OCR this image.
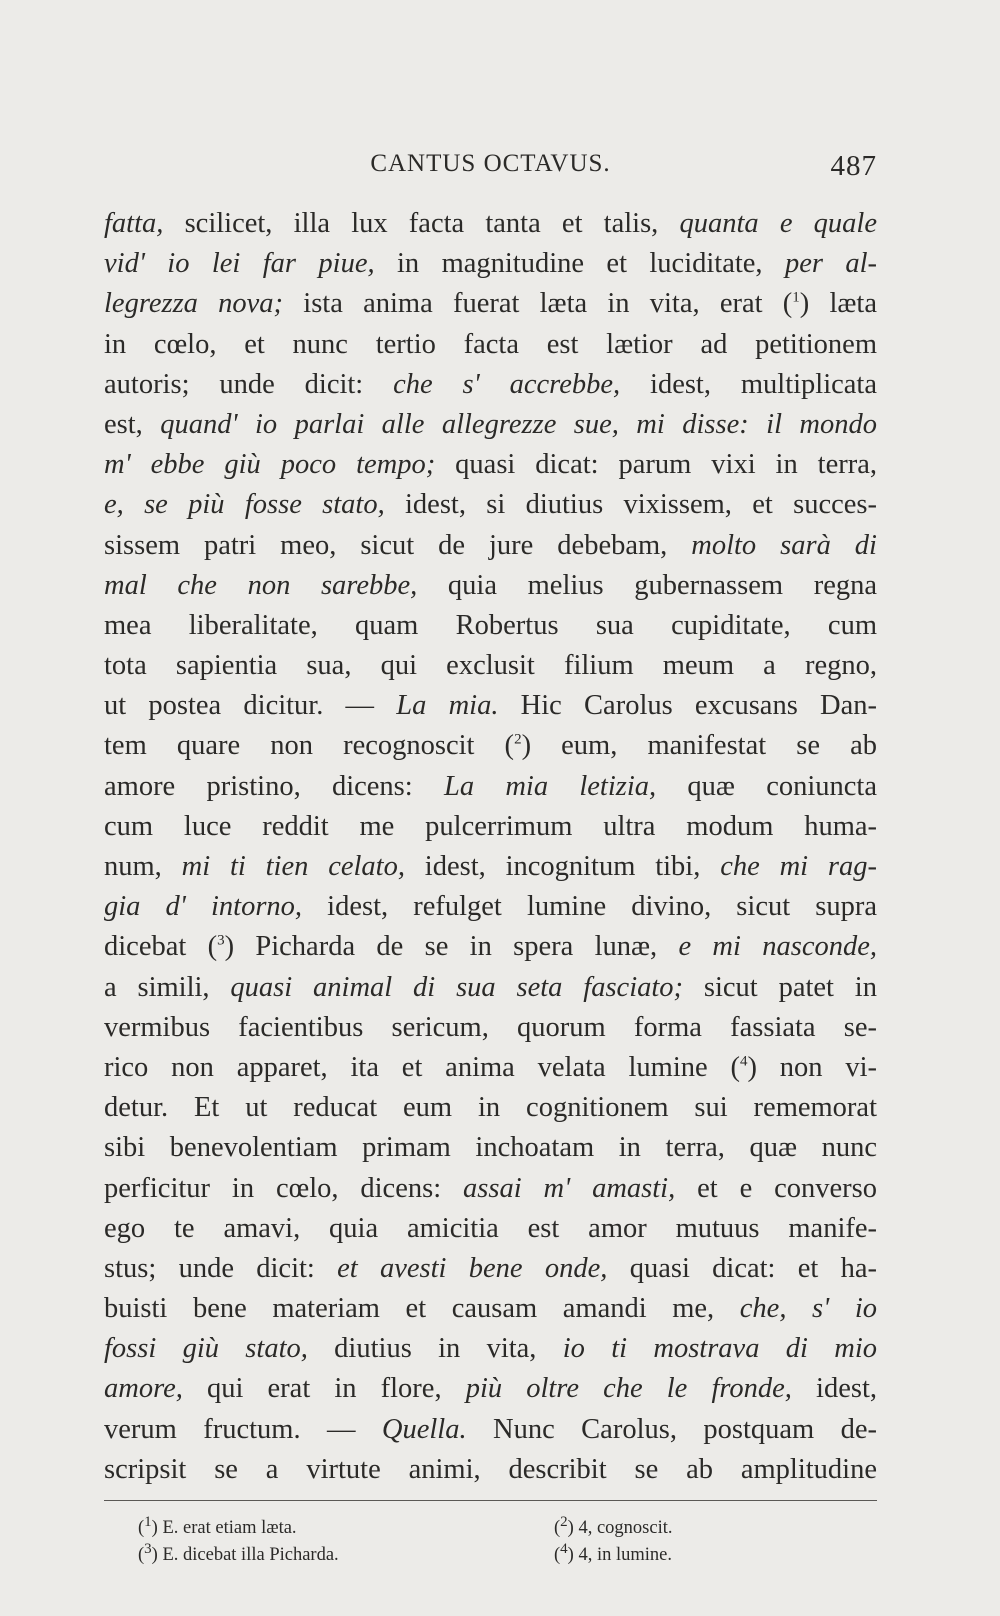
CANTUS OCTAVUS.	487
fatta, scilicet, illa lux facta tanta et talis, quanta e quale
vid' io lei far piue, in magnitudine et luciditate, per al-
legrezza nova; ista anima fuerat læta in vita, erat ($^1$) læta
in cœlo, et nunc tertio facta est lætior ad petitionem
autoris; unde dicit: che s' accrebbe, idest, multiplicata
est, quand' io parlai alle allegrezze sue, mi disse: il mondo
m' ebbe giù poco tempo; quasi dicat: parum vixi in terra,
e, se più fosse stato, idest, si diutius vixissem, et succes-
sissem patri meo, sicut de jure debebam, molto sarà di
mal che non sarebbe, quia melius gubernassem regna
mea liberalitate, quam Robertus sua cupiditate, cum
tota sapientia sua, qui exclusit filium meum a regno,
ut postea dicitur. — La mia. Hic Carolus excusans Dan-
tem quare non recognoscit ($^2$) eum, manifestat se ab
amore pristino, dicens: La mia letizia, quæ coniuncta
cum luce reddit me pulcerrimum ultra modum huma-
num, mi ti tien celato, idest, incognitum tibi, che mi rag-
gia d' intorno, idest, refulget lumine divino, sicut supra
dicebat ($^3$) Picharda de se in spera lunæ, e mi nasconde,
a simili, quasi animal di sua seta fasciato; sicut patet in
vermibus facientibus sericum, quorum forma fassiata se-
rico non apparet, ita et anima velata lumine ($^4$) non vi-
detur. Et ut reducat eum in cognitionem sui rememorat
sibi benevolentiam primam inchoatam in terra, quæ nunc
perficitur in cœlo, dicens: assai m' amasti, et e converso
ego te amavi, quia amicitia est amor mutuus manife-
stus; unde dicit: et avesti bene onde, quasi dicat: et ha-
buisti bene materiam et causam amandi me, che, s' io
fossi giù stato, diutius in vita, io ti mostrava di mio
amore, qui erat in flore, più oltre che le fronde, idest,
verum fructum. — Quella. Nunc Carolus, postquam de-
scripsit se a virtute animi, describit se ab amplitudine
($^1$) E. erat etiam læta.	($^2$) 4, cognoscit.
($^3$) E. dicebat illa Picharda.	($^4$) 4, in lumine.
